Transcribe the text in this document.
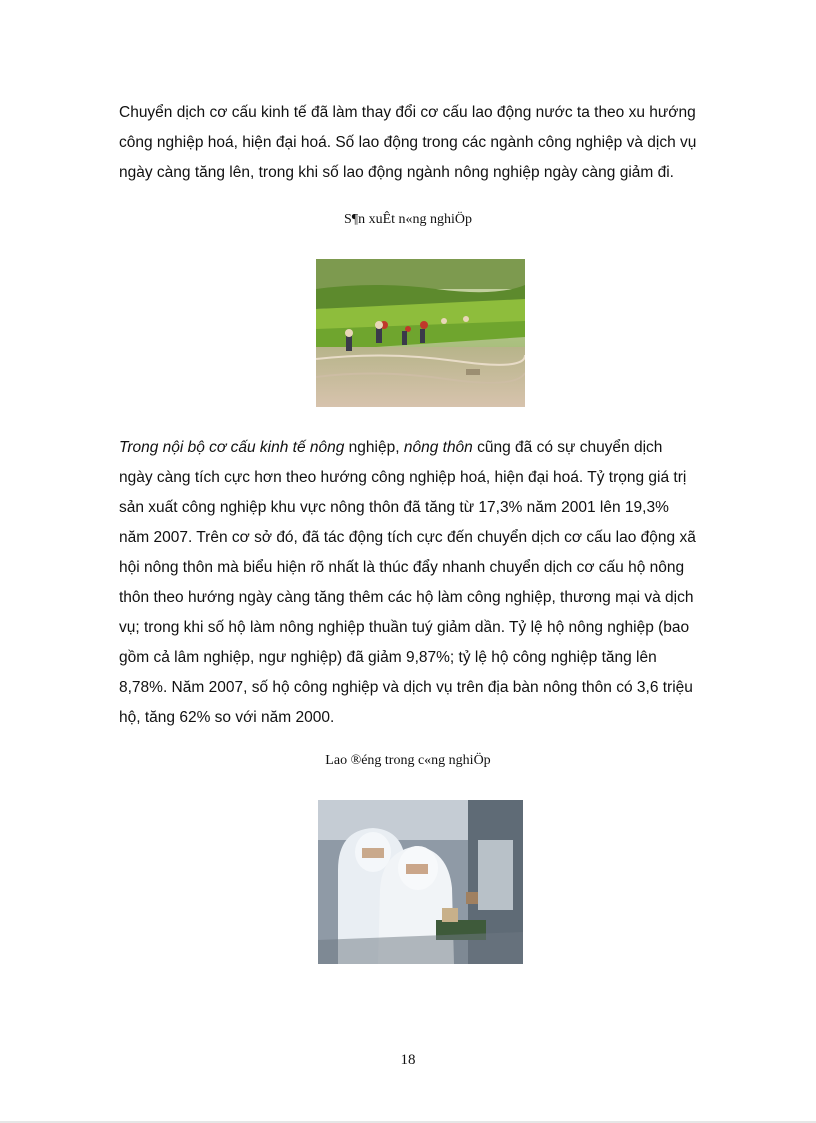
Chuyển dịch cơ cấu kinh tế đã làm thay đổi cơ cấu lao động nước ta theo xu hướng

công nghiệp hoá, hiện đại hoá. Số lao động trong các ngành công nghiệp và dịch vụ

ngày càng tăng lên, trong khi số lao động ngành nông nghiệp ngày càng giảm đi.

S¶n xuÊt n«ng nghiÖp

Trong nội bộ cơ cấu kinh tế nông nghiệp, nông thôn cũng đã có sự chuyển dịch

ngày càng tích cực hơn theo hướng công nghiệp hoá, hiện đại hoá. Tỷ trọng giá trị

sản xuất công nghiệp khu vực nông thôn đã tăng từ 17,3% năm 2001 lên 19,3%

năm 2007. Trên cơ sở đó, đã tác động tích cực đến chuyển dịch cơ cấu lao động xã

hội nông thôn mà biểu hiện rõ nhất là thúc đẩy nhanh chuyển dịch cơ cấu hộ nông

thôn theo hướng ngày càng tăng thêm các hộ làm công nghiệp, thương mại và dịch

vụ; trong khi số hộ làm nông nghiệp thuần tuý giảm dần. Tỷ lệ hộ nông nghiệp (bao

gồm cả lâm nghiệp, ngư nghiệp) đã giảm 9,87%; tỷ lệ hộ công nghiệp tăng lên

8,78%. Năm 2007, số hộ công nghiệp và dịch vụ trên địa bàn nông thôn có 3,6 triệu

hộ, tăng 62% so với năm 2000.

Lao ®éng trong c«ng nghiÖp
18
